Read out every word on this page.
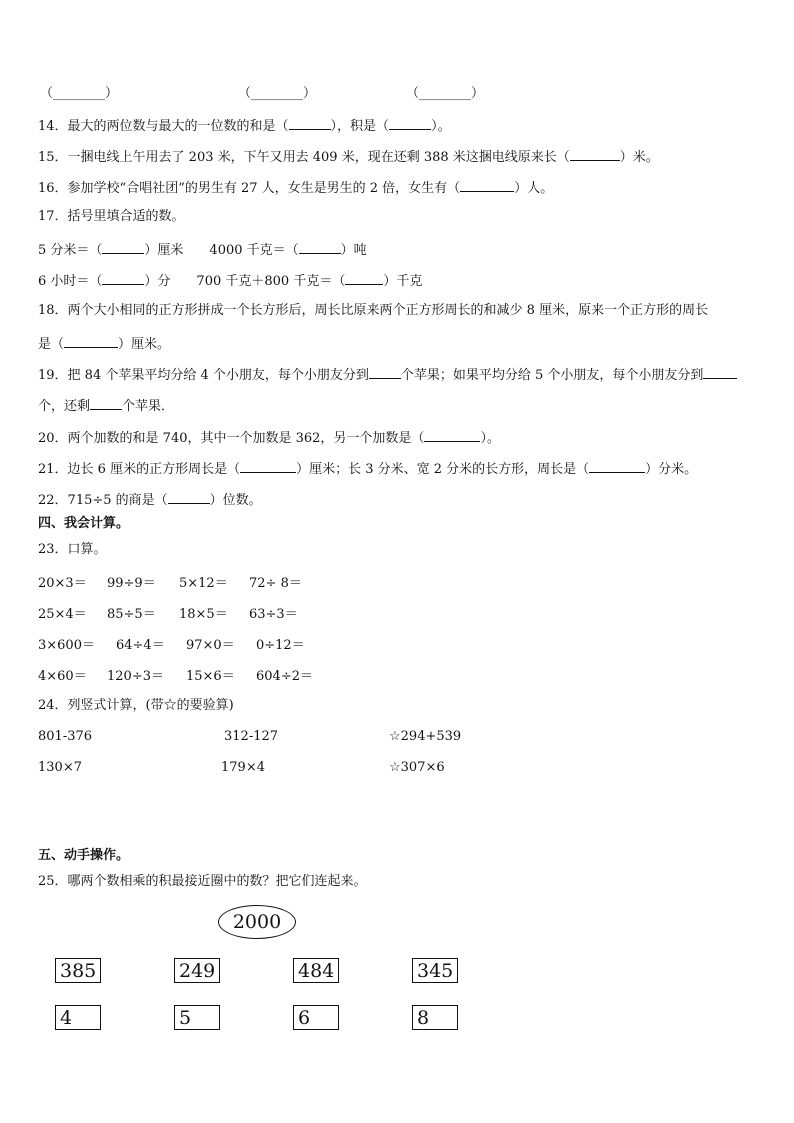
（________）	（________）	（________）
14．最大的两位数与最大的一位数的和是（	），积是（	）。
15．一捆电线上午用去了 203 米，下午又用去 409 米，现在还剩 388 米这捆电线原来长（	）米。
16．参加学校“合唱社团”的男生有 27 人，女生是男生的 2 倍，女生有（	）人。
17．括号里填合适的数。
5 分米＝（	）厘米 4000 千克＝（	）吨
6 小时＝（	）分 700 千克＋800 千克＝（	）千克
18．两个大小相同的正方形拼成一个长方形后，周长比原来两个正方形周长的和减少 8 厘米，原来一个正方形的周长
是（	）厘米。
19．把 84 个苹果平均分给 4 个小朋友，每个小朋友分到 个苹果；如果平均分给 5 个小朋友，每个小朋友分到
个，还剩 个苹果．
20．两个加数的和是 740，其中一个加数是 362，另一个加数是（	）。
21．边长 6 厘米的正方形周长是（	）厘米；长 3 分米、宽 2 分米的长方形，周长是（	）分米。
22．715÷5 的商是（	）位数。
四、我会计算。
23．口算。
20×3＝ 99÷9＝ 5×12＝ 72÷ 8＝
25×4＝ 85÷5＝ 18×5＝ 63÷3＝
3×600＝ 64÷4＝ 97×0＝ 0÷12＝
4×60＝ 120÷3＝ 15×6＝ 604÷2＝
24．列竖式计算，(带☆的要验算)
801-376	312-127	☆294+539
130×7	179×4	☆307×6
五、动手操作。
25．哪两个数相乘的积最接近圈中的数？把它们连起来。
2000
385	249	484	345
4	5	6	8
